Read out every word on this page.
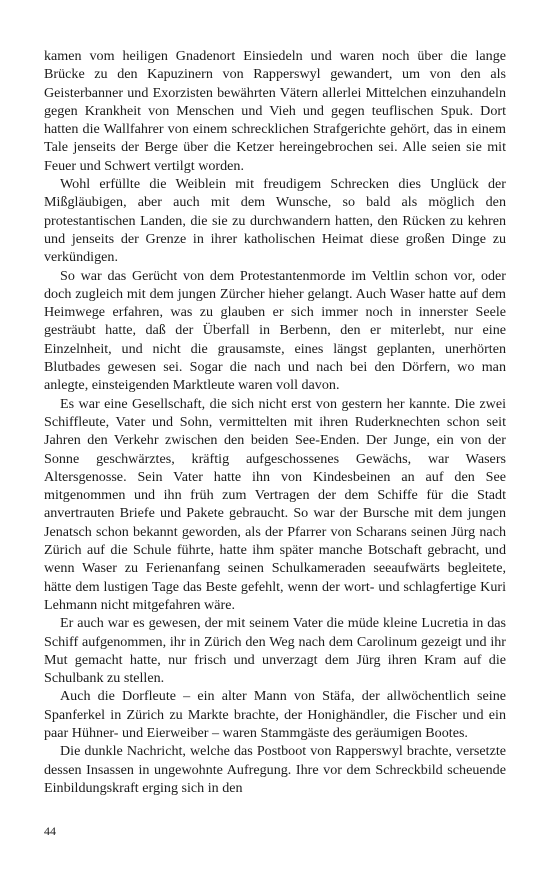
kamen vom heiligen Gnadenort Einsiedeln und waren noch über die lange Brücke zu den Kapuzinern von Rapperswyl gewandert, um von den als Geisterbanner und Exorzisten bewährten Vätern allerlei Mittelchen einzuhandeln gegen Krankheit von Menschen und Vieh und gegen teuflischen Spuk. Dort hatten die Wallfahrer von einem schrecklichen Strafgerichte gehört, das in einem Tale jenseits der Berge über die Ketzer hereingebrochen sei. Alle seien sie mit Feuer und Schwert vertilgt worden.

Wohl erfüllte die Weiblein mit freudigem Schrecken dies Unglück der Mißgläubigen, aber auch mit dem Wunsche, so bald als möglich den protestantischen Landen, die sie zu durchwandern hatten, den Rücken zu kehren und jenseits der Grenze in ihrer katholischen Heimat diese großen Dinge zu verkündigen.

So war das Gerücht von dem Protestantenmorde im Veltlin schon vor, oder doch zugleich mit dem jungen Zürcher hieher gelangt. Auch Waser hatte auf dem Heimwege erfahren, was zu glauben er sich immer noch in innerster Seele gesträubt hatte, daß der Überfall in Berbenn, den er miterlebt, nur eine Einzelnheit, und nicht die grausamste, eines längst geplanten, unerhörten Blutbades gewesen sei. Sogar die nach und nach bei den Dörfern, wo man anlegte, einsteigenden Marktleute waren voll davon.

Es war eine Gesellschaft, die sich nicht erst von gestern her kannte. Die zwei Schiffleute, Vater und Sohn, vermittelten mit ihren Ruderknechten schon seit Jahren den Verkehr zwischen den beiden See-Enden. Der Junge, ein von der Sonne geschwärztes, kräftig aufgeschossenes Gewächs, war Wasers Altersgenosse. Sein Vater hatte ihn von Kindesbeinen an auf den See mitgenommen und ihn früh zum Vertragen der dem Schiffe für die Stadt anvertrauten Briefe und Pakete gebraucht. So war der Bursche mit dem jungen Jenatsch schon bekannt geworden, als der Pfarrer von Scharans seinen Jürg nach Zürich auf die Schule führte, hatte ihm später manche Botschaft gebracht, und wenn Waser zu Ferienanfang seinen Schulkameraden seeaufwärts begleitete, hätte dem lustigen Tage das Beste gefehlt, wenn der wort- und schlagfertige Kuri Lehmann nicht mitgefahren wäre.

Er auch war es gewesen, der mit seinem Vater die müde kleine Lucretia in das Schiff aufgenommen, ihr in Zürich den Weg nach dem Carolinum gezeigt und ihr Mut gemacht hatte, nur frisch und unverzagt dem Jürg ihren Kram auf die Schulbank zu stellen.

Auch die Dorfleute – ein alter Mann von Stäfa, der allwöchentlich seine Spanferkel in Zürich zu Markte brachte, der Honighändler, die Fischer und ein paar Hühner- und Eierweiber – waren Stammgäste des geräumigen Bootes.

Die dunkle Nachricht, welche das Postboot von Rapperswyl brachte, versetzte dessen Insassen in ungewohnte Aufregung. Ihre vor dem Schreckbild scheuende Einbildungskraft erging sich in den

44
